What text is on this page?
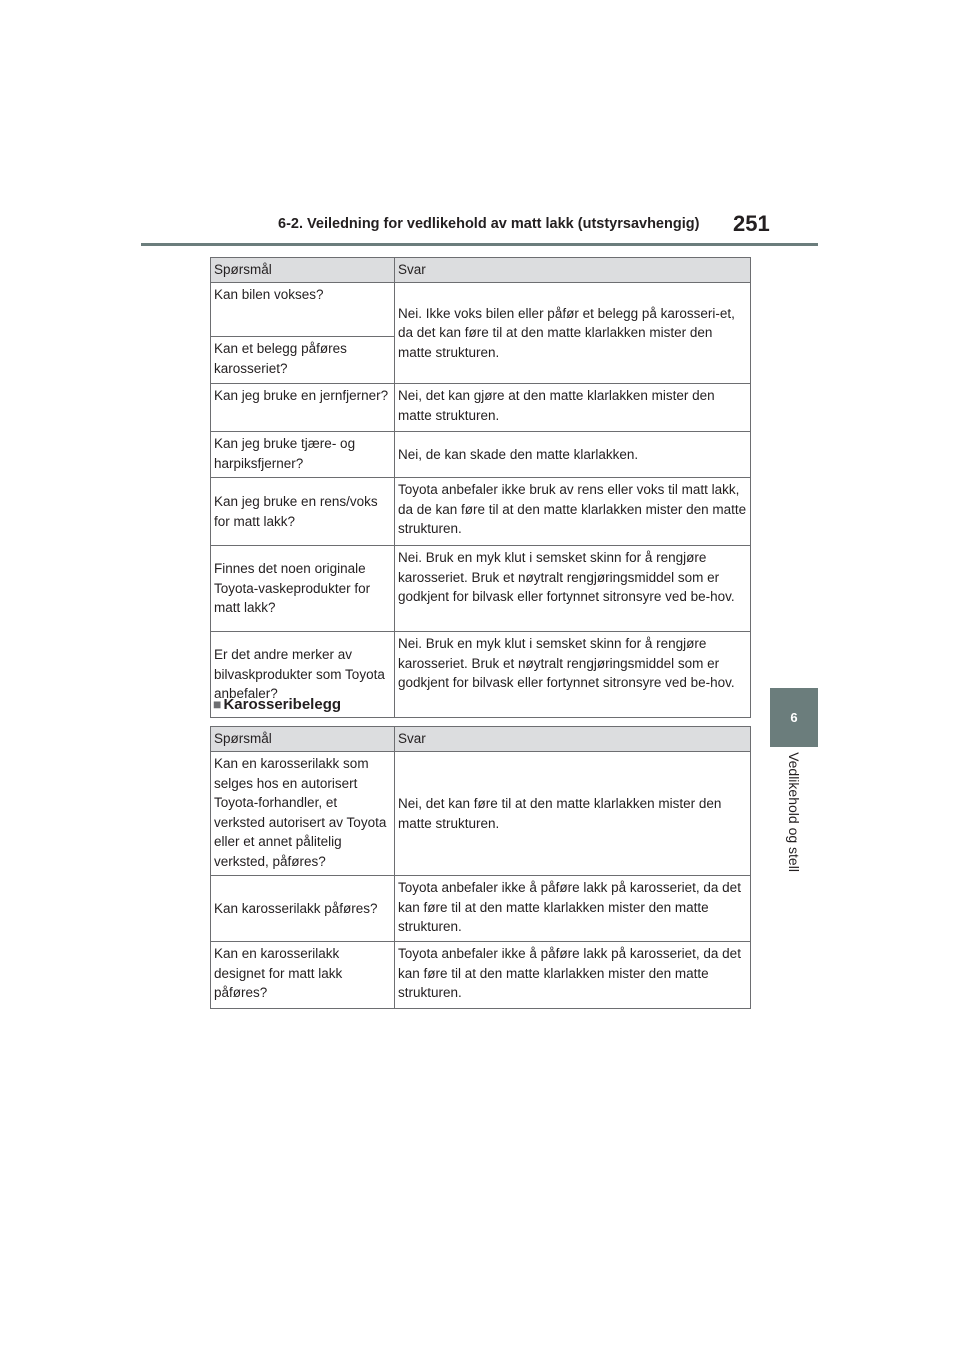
6-2. Veiledning for vedlikehold av matt lakk (utstyrsavhengig) 251
6
Vedlikehold og stell
Spørsmål	Svar
Kan bilen vokses?	Nei. Ikke voks bilen eller påfør et belegg på karosseri-et, da det kan føre til at den matte klarlakken mister den matte strukturen.
Kan et belegg påføres karosseriet?	
Kan jeg bruke en jernfjerner?	Nei, det kan gjøre at den matte klarlakken mister den matte strukturen.
Kan jeg bruke tjære- og harpiksfjerner?	Nei, de kan skade den matte klarlakken.
Kan jeg bruke en rens/voks for matt lakk?	Toyota anbefaler ikke bruk av rens eller voks til matt lakk, da de kan føre til at den matte klarlakken mister den matte strukturen.
Finnes det noen originale Toyota-vaskeprodukter for matt lakk?	Nei. Bruk en myk klut i semsket skinn for å rengjøre karosseriet. Bruk et nøytralt rengjøringsmiddel som er godkjent for bilvask eller fortynnet sitronsyre ved be-hov.
Er det andre merker av bilvaskprodukter som Toyota anbefaler?	Nei. Bruk en myk klut i semsket skinn for å rengjøre karosseriet. Bruk et nøytralt rengjøringsmiddel som er godkjent for bilvask eller fortynnet sitronsyre ved be-hov.
■ Karosseribelegg
Spørsmål	Svar
Kan en karosserilakk som selges hos en autorisert Toyota-forhandler, et verksted autorisert av Toyota eller et annet pålitelig verksted, påføres?	Nei, det kan føre til at den matte klarlakken mister den matte strukturen.
Kan karosserilakk påføres?	Toyota anbefaler ikke å påføre lakk på karosseriet, da det kan føre til at den matte klarlakken mister den matte strukturen.
Kan en karosserilakk designet for matt lakk påføres?	Toyota anbefaler ikke å påføre lakk på karosseriet, da det kan føre til at den matte klarlakken mister den matte strukturen.
